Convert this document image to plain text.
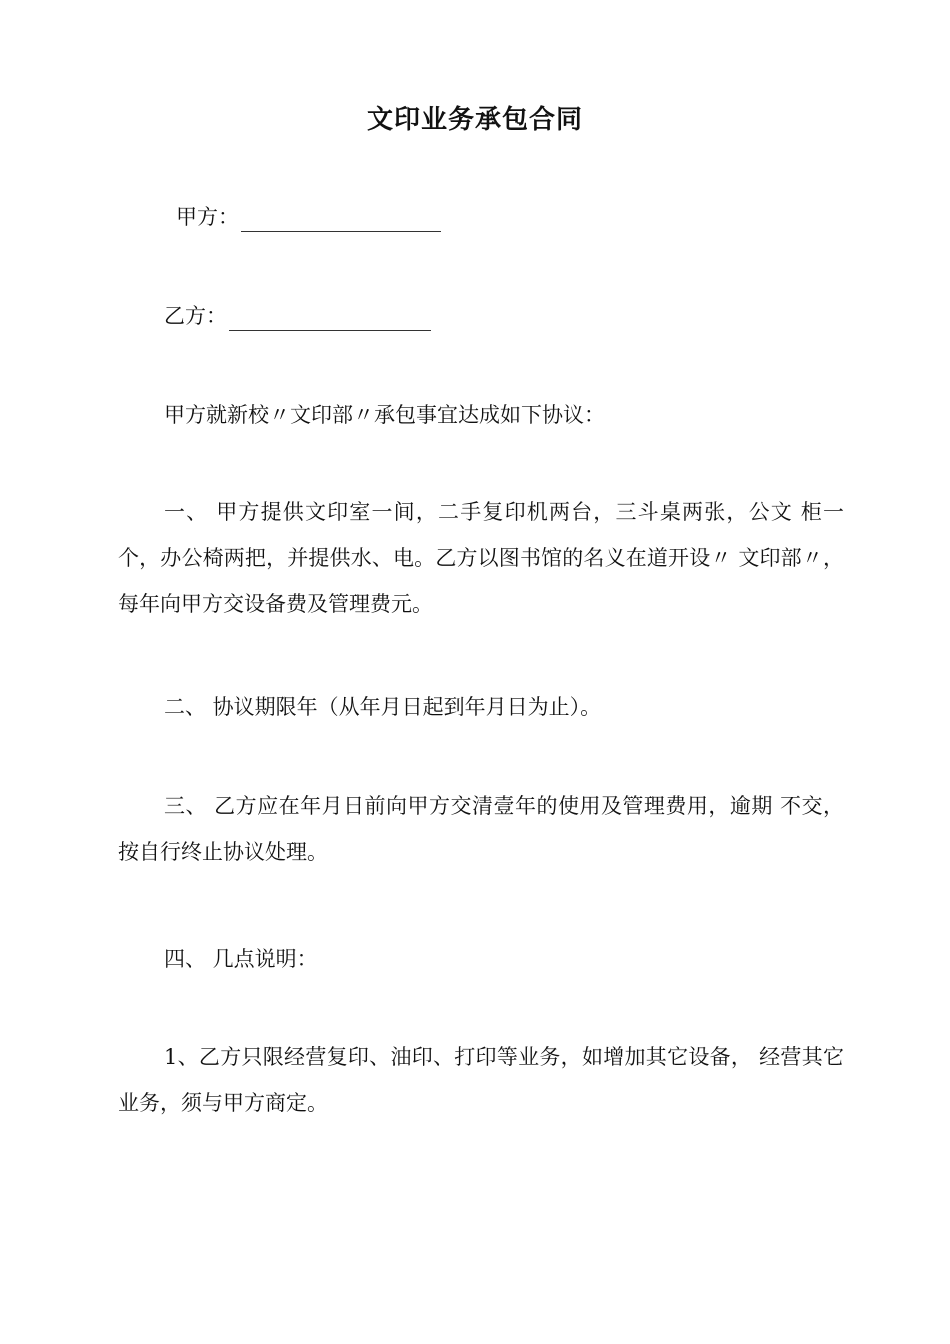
文印业务承包合同
甲方：
乙方：
甲方就新校〃文印部〃承包事宜达成如下协议：
一、 甲方提供文印室一间，二手复印机两台，三斗桌两张，公文 柜一个，办公椅两把，并提供水、电。乙方以图书馆的名义在道开设〃 文印部〃，每年向甲方交设备费及管理费元。
二、 协议期限年（从年月日起到年月日为止）。
三、 乙方应在年月日前向甲方交清壹年的使用及管理费用，逾期 不交，按自行终止协议处理。
四、 几点说明：
1、乙方只限经营复印、油印、打印等业务，如增加其它设备， 经营其它业务，须与甲方商定。
